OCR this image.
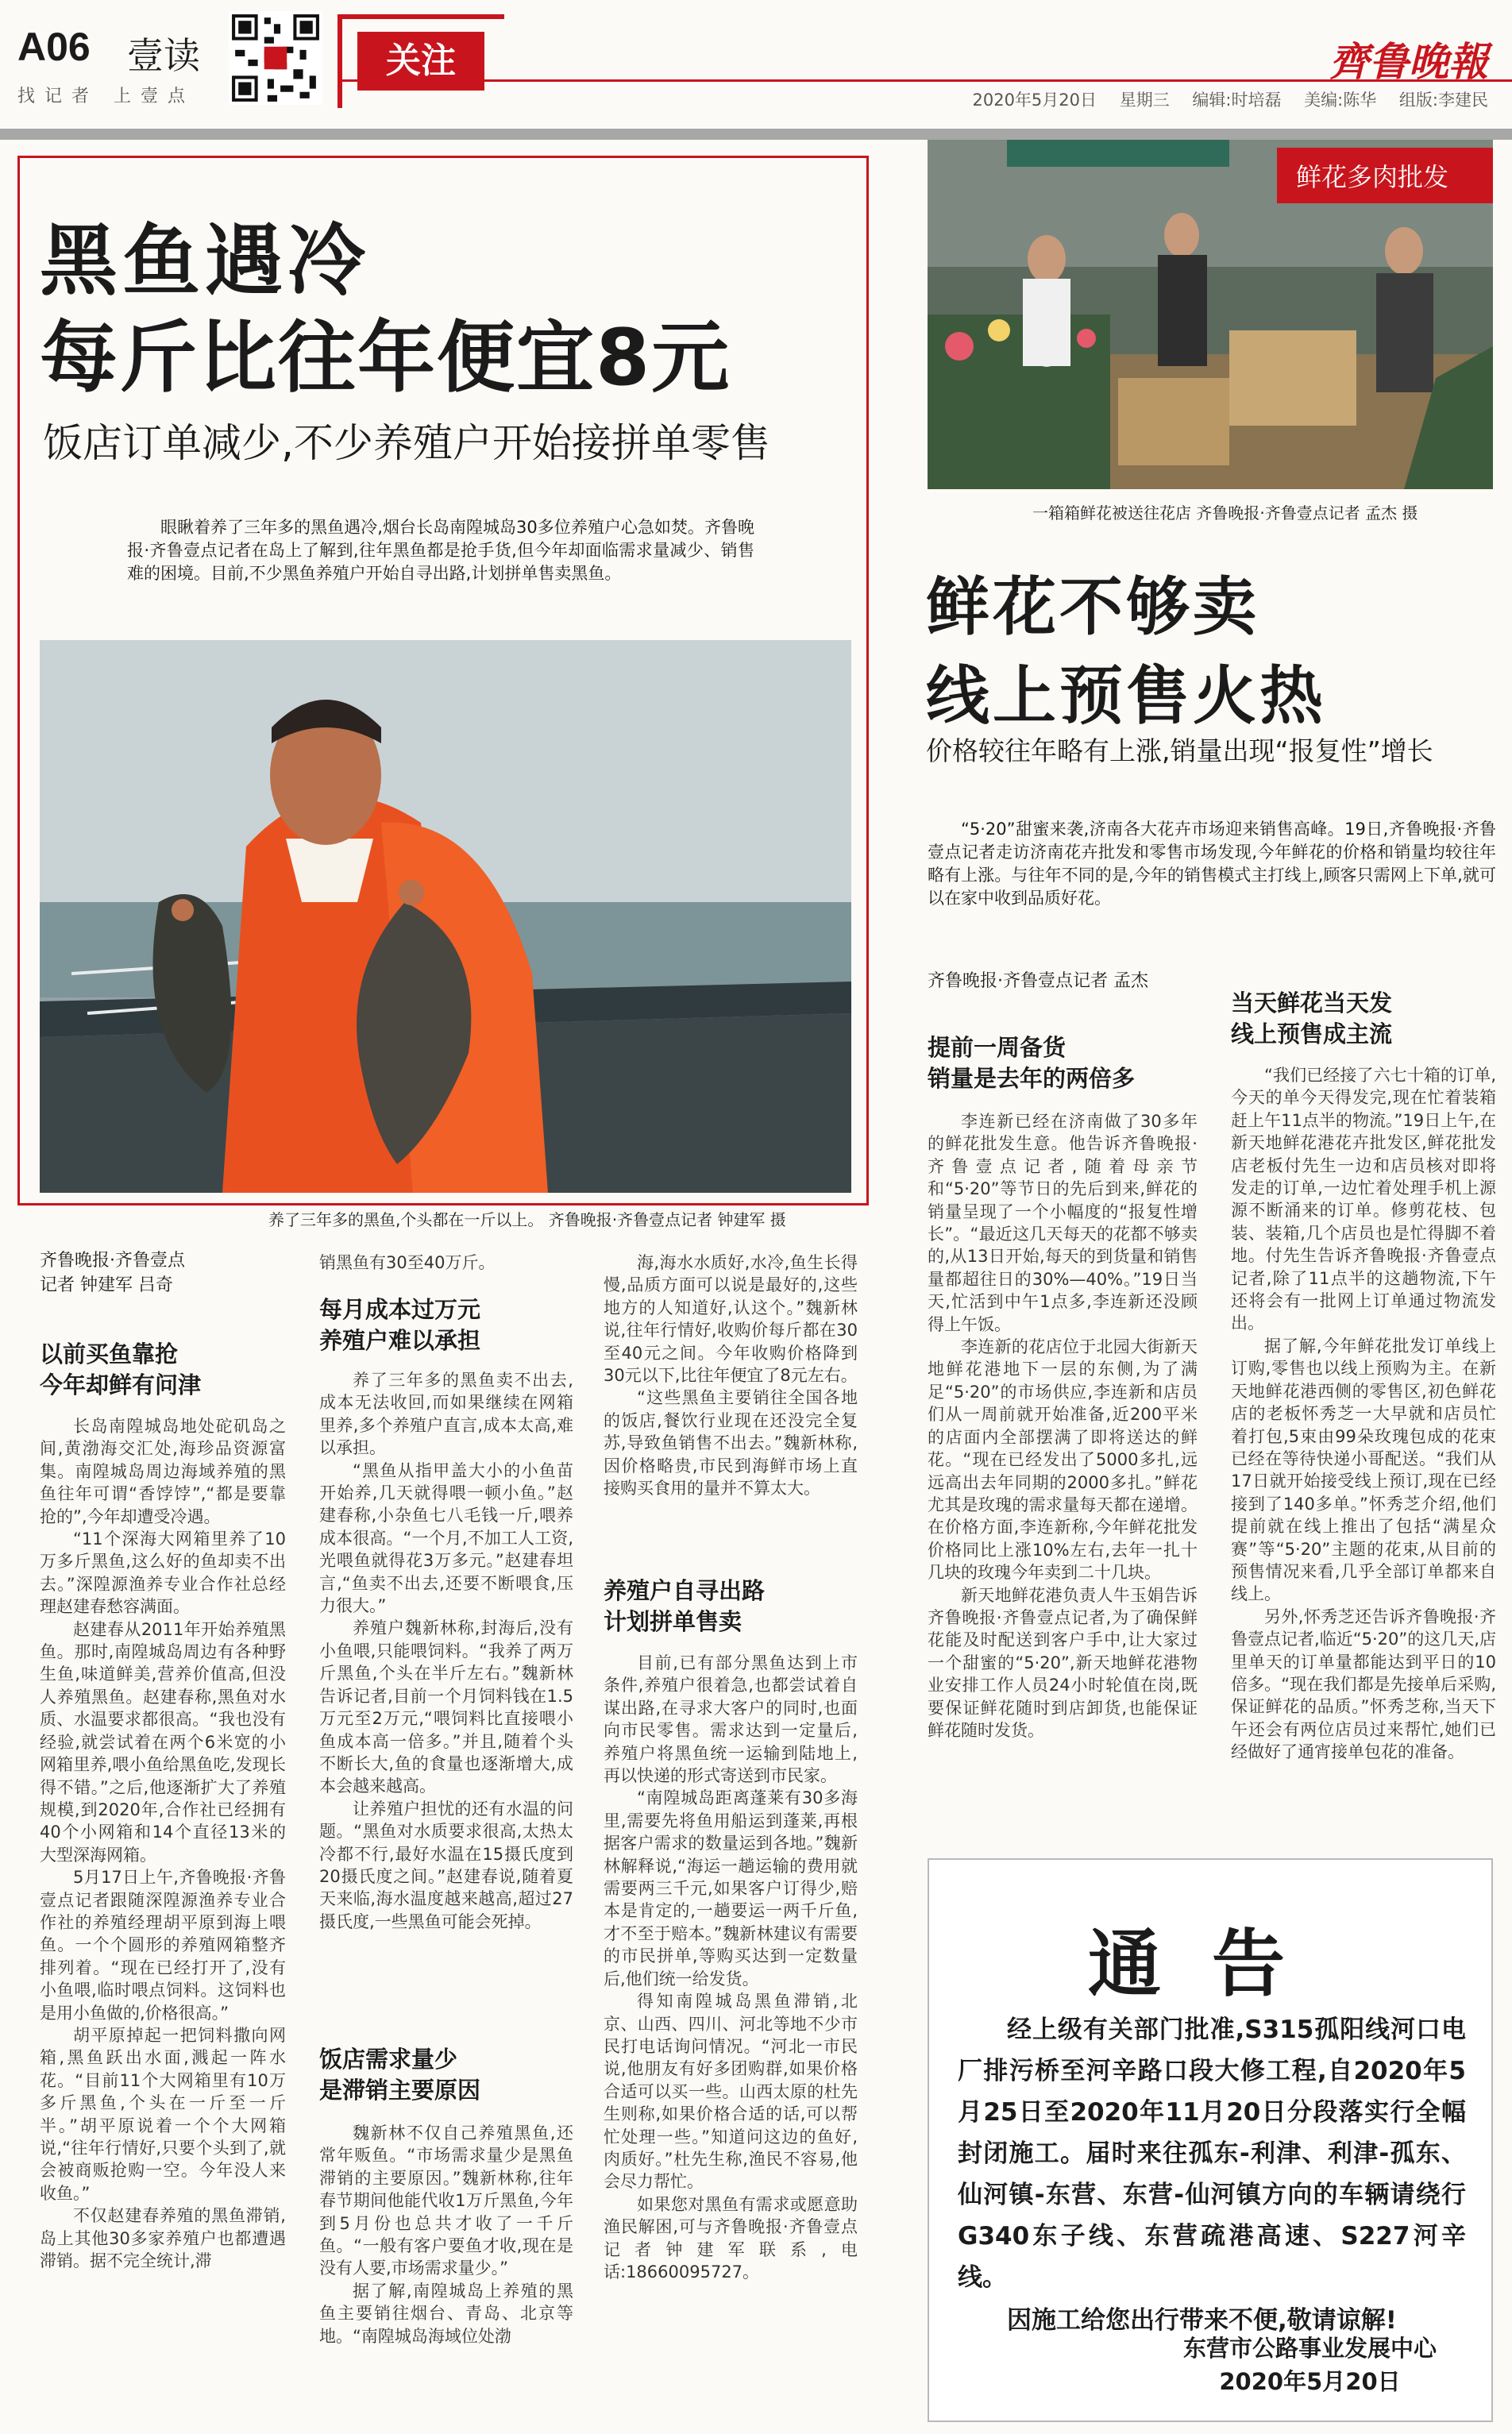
A06 壹读
找记者 上壹点
关注	齊鲁晚報
2020年5月20日 星期三 编辑:时培磊 美编:陈华 组版:李建民
黑鱼遇冷
每斤比往年便宜8元
饭店订单减少,不少养殖户开始接拼单零售
眼瞅着养了三年多的黑鱼遇冷,烟台长岛南隍城岛30多位养殖户心急如焚。齐鲁晚报·齐鲁壹点记者在岛上了解到,往年黑鱼都是抢手货,但今年却面临需求量减少、销售难的困境。目前,不少黑鱼养殖户开始自寻出路,计划拼单售卖黑鱼。
养了三年多的黑鱼,个头都在一斤以上。 齐鲁晚报·齐鲁壹点记者 钟建军 摄
齐鲁晚报·齐鲁壹点
记者 钟建军 吕奇
以前买鱼靠抢
今年却鲜有问津

长岛南隍城岛地处砣矶岛之间,黄渤海交汇处,海珍品资源富集。南隍城岛周边海域养殖的黑鱼往年可谓“香饽饽”,“都是要靠抢的”,今年却遭受冷遇。

“11个深海大网箱里养了10万多斤黑鱼,这么好的鱼却卖不出去。”深隍源渔养专业合作社总经理赵建春愁容满面。

赵建春从2011年开始养殖黑鱼。那时,南隍城岛周边有各种野生鱼,味道鲜美,营养价值高,但没人养殖黑鱼。赵建春称,黑鱼对水质、水温要求都很高。“我也没有经验,就尝试着在两个6米宽的小网箱里养,喂小鱼给黑鱼吃,发现长得不错。”之后,他逐渐扩大了养殖规模,到2020年,合作社已经拥有40个小网箱和14个直径13米的大型深海网箱。

5月17日上午,齐鲁晚报·齐鲁壹点记者跟随深隍源渔养专业合作社的养殖经理胡平原到海上喂鱼。一个个圆形的养殖网箱整齐排列着。“现在已经打开了,没有小鱼喂,临时喂点饲料。这饲料也是用小鱼做的,价格很高。”

胡平原掉起一把饲料撒向网箱,黑鱼跃出水面,溅起一阵水花。“目前11个大网箱里有10万多斤黑鱼,个头在一斤至一斤半。”胡平原说着一个个大网箱说,“往年行情好,只要个头到了,就会被商贩抢购一空。今年没人来收鱼。”

不仅赵建春养殖的黑鱼滞销,岛上其他30多家养殖户也都遭遇滞销。据不完全统计,滞

销黑鱼有30至40万斤。
每月成本过万元
养殖户难以承担

养了三年多的黑鱼卖不出去,成本无法收回,而如果继续在网箱里养,多个养殖户直言,成本太高,难以承担。

“黑鱼从指甲盖大小的小鱼苗开始养,几天就得喂一顿小鱼。”赵建春称,小杂鱼七八毛钱一斤,喂养成本很高。“一个月,不加工人工资,光喂鱼就得花3万多元。”赵建春坦言,“鱼卖不出去,还要不断喂食,压力很大。”

养殖户魏新林称,封海后,没有小鱼喂,只能喂饲料。“我养了两万斤黑鱼,个头在半斤左右。”魏新林告诉记者,目前一个月饲料钱在1.5万元至2万元,“喂饲料比直接喂小鱼成本高一倍多。”并且,随着个头不断长大,鱼的食量也逐渐增大,成本会越来越高。

让养殖户担忧的还有水温的问题。“黑鱼对水质要求很高,太热太冷都不行,最好水温在15摄氏度到20摄氏度之间。”赵建春说,随着夏天来临,海水温度越来越高,超过27摄氏度,一些黑鱼可能会死掉。

饭店需求量少
是滞销主要原因

魏新林不仅自己养殖黑鱼,还常年贩鱼。“市场需求量少是黑鱼滞销的主要原因。”魏新林称,往年春节期间他能代收1万斤黑鱼,今年到5月份也总共才收了一千斤鱼。“一般有客户要鱼才收,现在是没有人要,市场需求量少。”

据了解,南隍城岛上养殖的黑鱼主要销往烟台、青岛、北京等地。“南隍城岛海域位处渤

海,海水水质好,水冷,鱼生长得慢,品质方面可以说是最好的,这些地方的人知道好,认这个。”魏新林说,往年行情好,收购价每斤都在30至40元之间。今年收购价格降到30元以下,比往年便宜了8元左右。

“这些黑鱼主要销往全国各地的饭店,餐饮行业现在还没完全复苏,导致鱼销售不出去。”魏新林称,因价格略贵,市民到海鲜市场上直接购买食用的量并不算太大。

养殖户自寻出路
计划拼单售卖

目前,已有部分黑鱼达到上市条件,养殖户很着急,也都尝试着自谋出路,在寻求大客户的同时,也面向市民零售。需求达到一定量后,养殖户将黑鱼统一运输到陆地上,再以快递的形式寄送到市民家。

“南隍城岛距离蓬莱有30多海里,需要先将鱼用船运到蓬莱,再根据客户需求的数量运到各地。”魏新林解释说,“海运一趟运输的费用就需要两三千元,如果客户订得少,赔本是肯定的,一趟要运一两千斤鱼,才不至于赔本。”魏新林建议有需要的市民拼单,等购买达到一定数量后,他们统一给发货。

得知南隍城岛黑鱼滞销,北京、山西、四川、河北等地不少市民打电话询问情况。“河北一市民说,他朋友有好多团购群,如果价格合适可以买一些。山西太原的杜先生则称,如果价格合适的话,可以帮忙处理一些。”知道问这边的鱼好,肉质好。”杜先生称,渔民不容易,他会尽力帮忙。

如果您对黑鱼有需求或愿意助渔民解困,可与齐鲁晚报·齐鲁壹点记者钟建军联系,电话:18660095727。

鲜花多肉批发
一箱箱鲜花被送往花店 齐鲁晚报·齐鲁壹点记者 孟杰 摄
鲜花不够卖
线上预售火热
价格较往年略有上涨,销量出现“报复性”增长
“5·20”甜蜜来袭,济南各大花卉市场迎来销售高峰。19日,齐鲁晚报·齐鲁壹点记者走访济南花卉批发和零售市场发现,今年鲜花的价格和销量均较往年略有上涨。与往年不同的是,今年的销售模式主打线上,顾客只需网上下单,就可以在家中收到品质好花。
齐鲁晚报·齐鲁壹点记者 孟杰
提前一周备货
销量是去年的两倍多

李连新已经在济南做了30多年的鲜花批发生意。他告诉齐鲁晚报·齐鲁壹点记者,随着母亲节和“5·20”等节日的先后到来,鲜花的销量呈现了一个小幅度的“报复性增长”。“最近这几天每天的花都不够卖的,从13日开始,每天的到货量和销售量都超往日的30%—40%。”19日当天,忙活到中午1点多,李连新还没顾得上午饭。

李连新的花店位于北园大街新天地鲜花港地下一层的东侧,为了满足“5·20”的市场供应,李连新和店员们从一周前就开始准备,近200平米的店面内全部摆满了即将送达的鲜花。“现在已经发出了5000多扎,远远高出去年同期的2000多扎。”鲜花尤其是玫瑰的需求量每天都在递增。在价格方面,李连新称,今年鲜花批发价格同比上涨10%左右,去年一扎十几块的玫瑰今年卖到二十几块。

新天地鲜花港负责人牛玉娟告诉齐鲁晚报·齐鲁壹点记者,为了确保鲜花能及时配送到客户手中,让大家过一个甜蜜的“5·20”,新天地鲜花港物业安排工作人员24小时轮值在岗,既要保证鲜花随时到店卸货,也能保证鲜花随时发货。

当天鲜花当天发
线上预售成主流

“我们已经接了六七十箱的订单,今天的单今天得发完,现在忙着装箱赶上午11点半的物流。”19日上午,在新天地鲜花港花卉批发区,鲜花批发店老板付先生一边和店员核对即将发走的订单,一边忙着处理手机上源源不断涌来的订单。修剪花枝、包装、装箱,几个店员也是忙得脚不着地。付先生告诉齐鲁晚报·齐鲁壹点记者,除了11点半的这趟物流,下午还将会有一批网上订单通过物流发出。

据了解,今年鲜花批发订单线上订购,零售也以线上预购为主。在新天地鲜花港西侧的零售区,初色鲜花店的老板怀秀芝一大早就和店员忙着打包,5束由99朵玫瑰包成的花束已经在等待快递小哥配送。“我们从17日就开始接受线上预订,现在已经接到了140多单。”怀秀芝介绍,他们提前就在线上推出了包括“满星众赛”等“5·20”主题的花束,从目前的预售情况来看,几乎全部订单都来自线上。

另外,怀秀芝还告诉齐鲁晚报·齐鲁壹点记者,临近“5·20”的这几天,店里单天的订单量都能达到平日的10倍多。“现在我们都是先接单后采购,保证鲜花的品质。”怀秀芝称,当天下午还会有两位店员过来帮忙,她们已经做好了通宵接单包花的准备。

通告
经上级有关部门批准,S315孤阳线河口电厂排污桥至河辛路口段大修工程,自2020年5月25日至2020年11月20日分段落实行全幅封闭施工。届时来往孤东-利津、利津-孤东、仙河镇-东营、东营-仙河镇方向的车辆请绕行G340东子线、东营疏港高速、S227河辛线。
因施工给您出行带来不便,敬请谅解!
东营市公路事业发展中心
2020年5月20日
